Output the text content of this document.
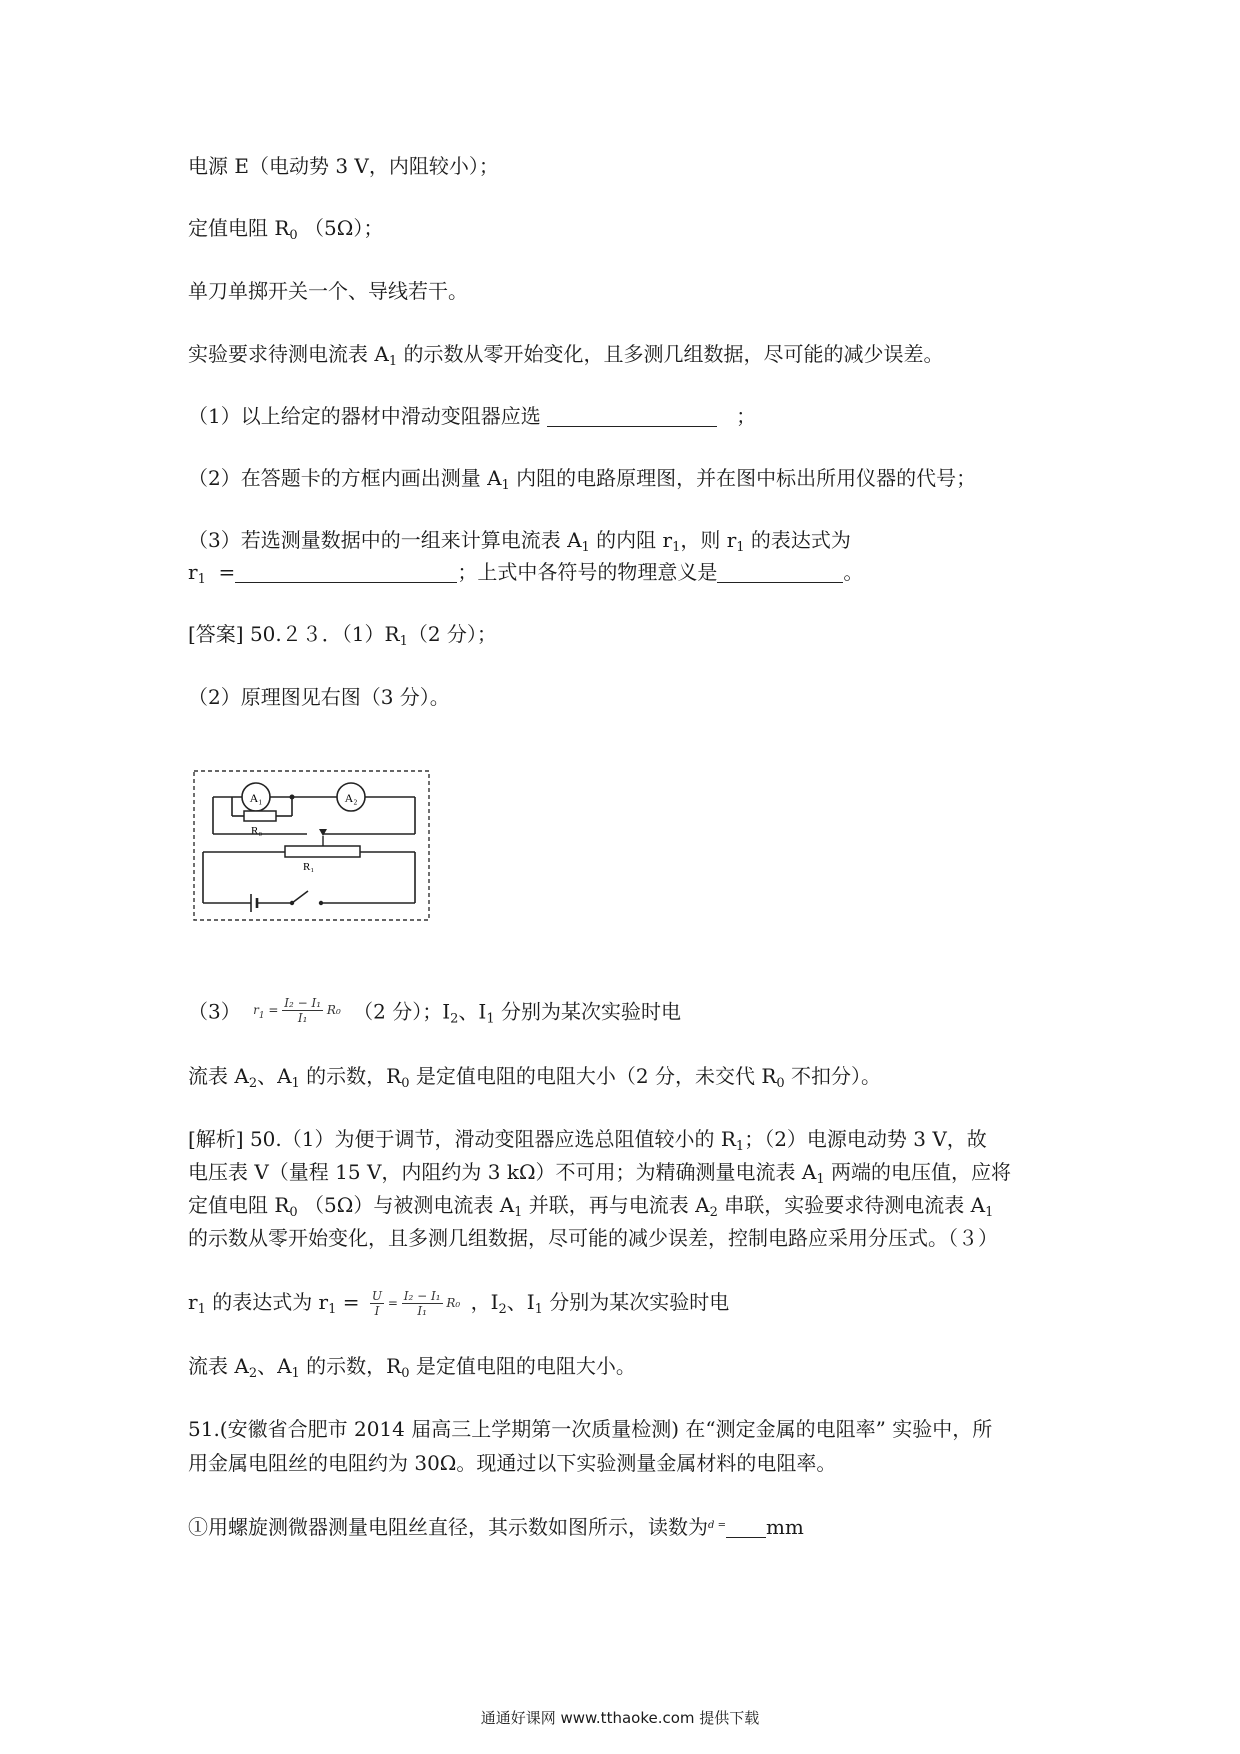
电源 E（电动势 3 V，内阻较小）；
定值电阻 $R_0$ （5Ω）；
单刀单掷开关一个、导线若干。
实验要求待测电流表 $A_1$ 的示数从零开始变化，且多测几组数据，尽可能的减少误差。
（1）以上给定的器材中滑动变阻器应选	；
（2）在答题卡的方框内画出测量 $A_1$ 内阻的电路原理图，并在图中标出所用仪器的代号；
（3）若选测量数据中的一组来计算电流表 $A_1$ 的内阻 $r_1$，则 $r_1$ 的表达式为
$r_1$  =	；上式中各符号的物理意义是	。
[答案] 50.２３．$(1)R_1(2$ 分）；
（2）原理图见右图（3 分）。
A₁	A₂
R₀
R₁
（3） $r_1 = \frac{\text{I₂ − I₁}}{\text{I₁}} R_0$ （2 分）；$I_2$、$I_1$ 分别为某次实验时电
流表 $A_2$、$A_1$ 的示数，$R_0$ 是定值电阻的电阻大小（2 分，未交代 $R_0$ 不扣分）。
[解析] 50.（1）为便于调节，滑动变阻器应选总阻值较小的 $R_1$；（2）电源电动势 3 V，故
电压表 V（量程 15 V，内阻约为 3 kΩ）不可用；为精确测量电流表 $A_1$ 两端的电压值，应将
定值电阻 $R_0$ （5Ω）与被测电流表 $A_1$ 并联，再与电流表 $A_2$ 串联，实验要求待测电流表 $A_1$
的示数从零开始变化，且多测几组数据，尽可能的减少误差，控制电路应采用分压式。（３）
$r_1$ 的表达式为 $r_1 = \frac{U}{I} = \frac{\text{I₂ − I₁}}{\text{I₁}} R_0$ ，$I_2$、$I_1$ 分别为某次实验时电
流表 $A_2$、$A_1$ 的示数，$R_0$ 是定值电阻的电阻大小。
51.(安徽省合肥市 2014 届高三上学期第一次质量检测) 在“测定金属的电阻率” 实验中，所
用金属电阻丝的电阻约为 30Ω。现通过以下实验测量金属材料的电阻率。
①用螺旋测微器测量电阻丝直径，其示数如图所示，读数为$^{d =}$ mm
通通好课网 www.tthaoke.com 提供下载
